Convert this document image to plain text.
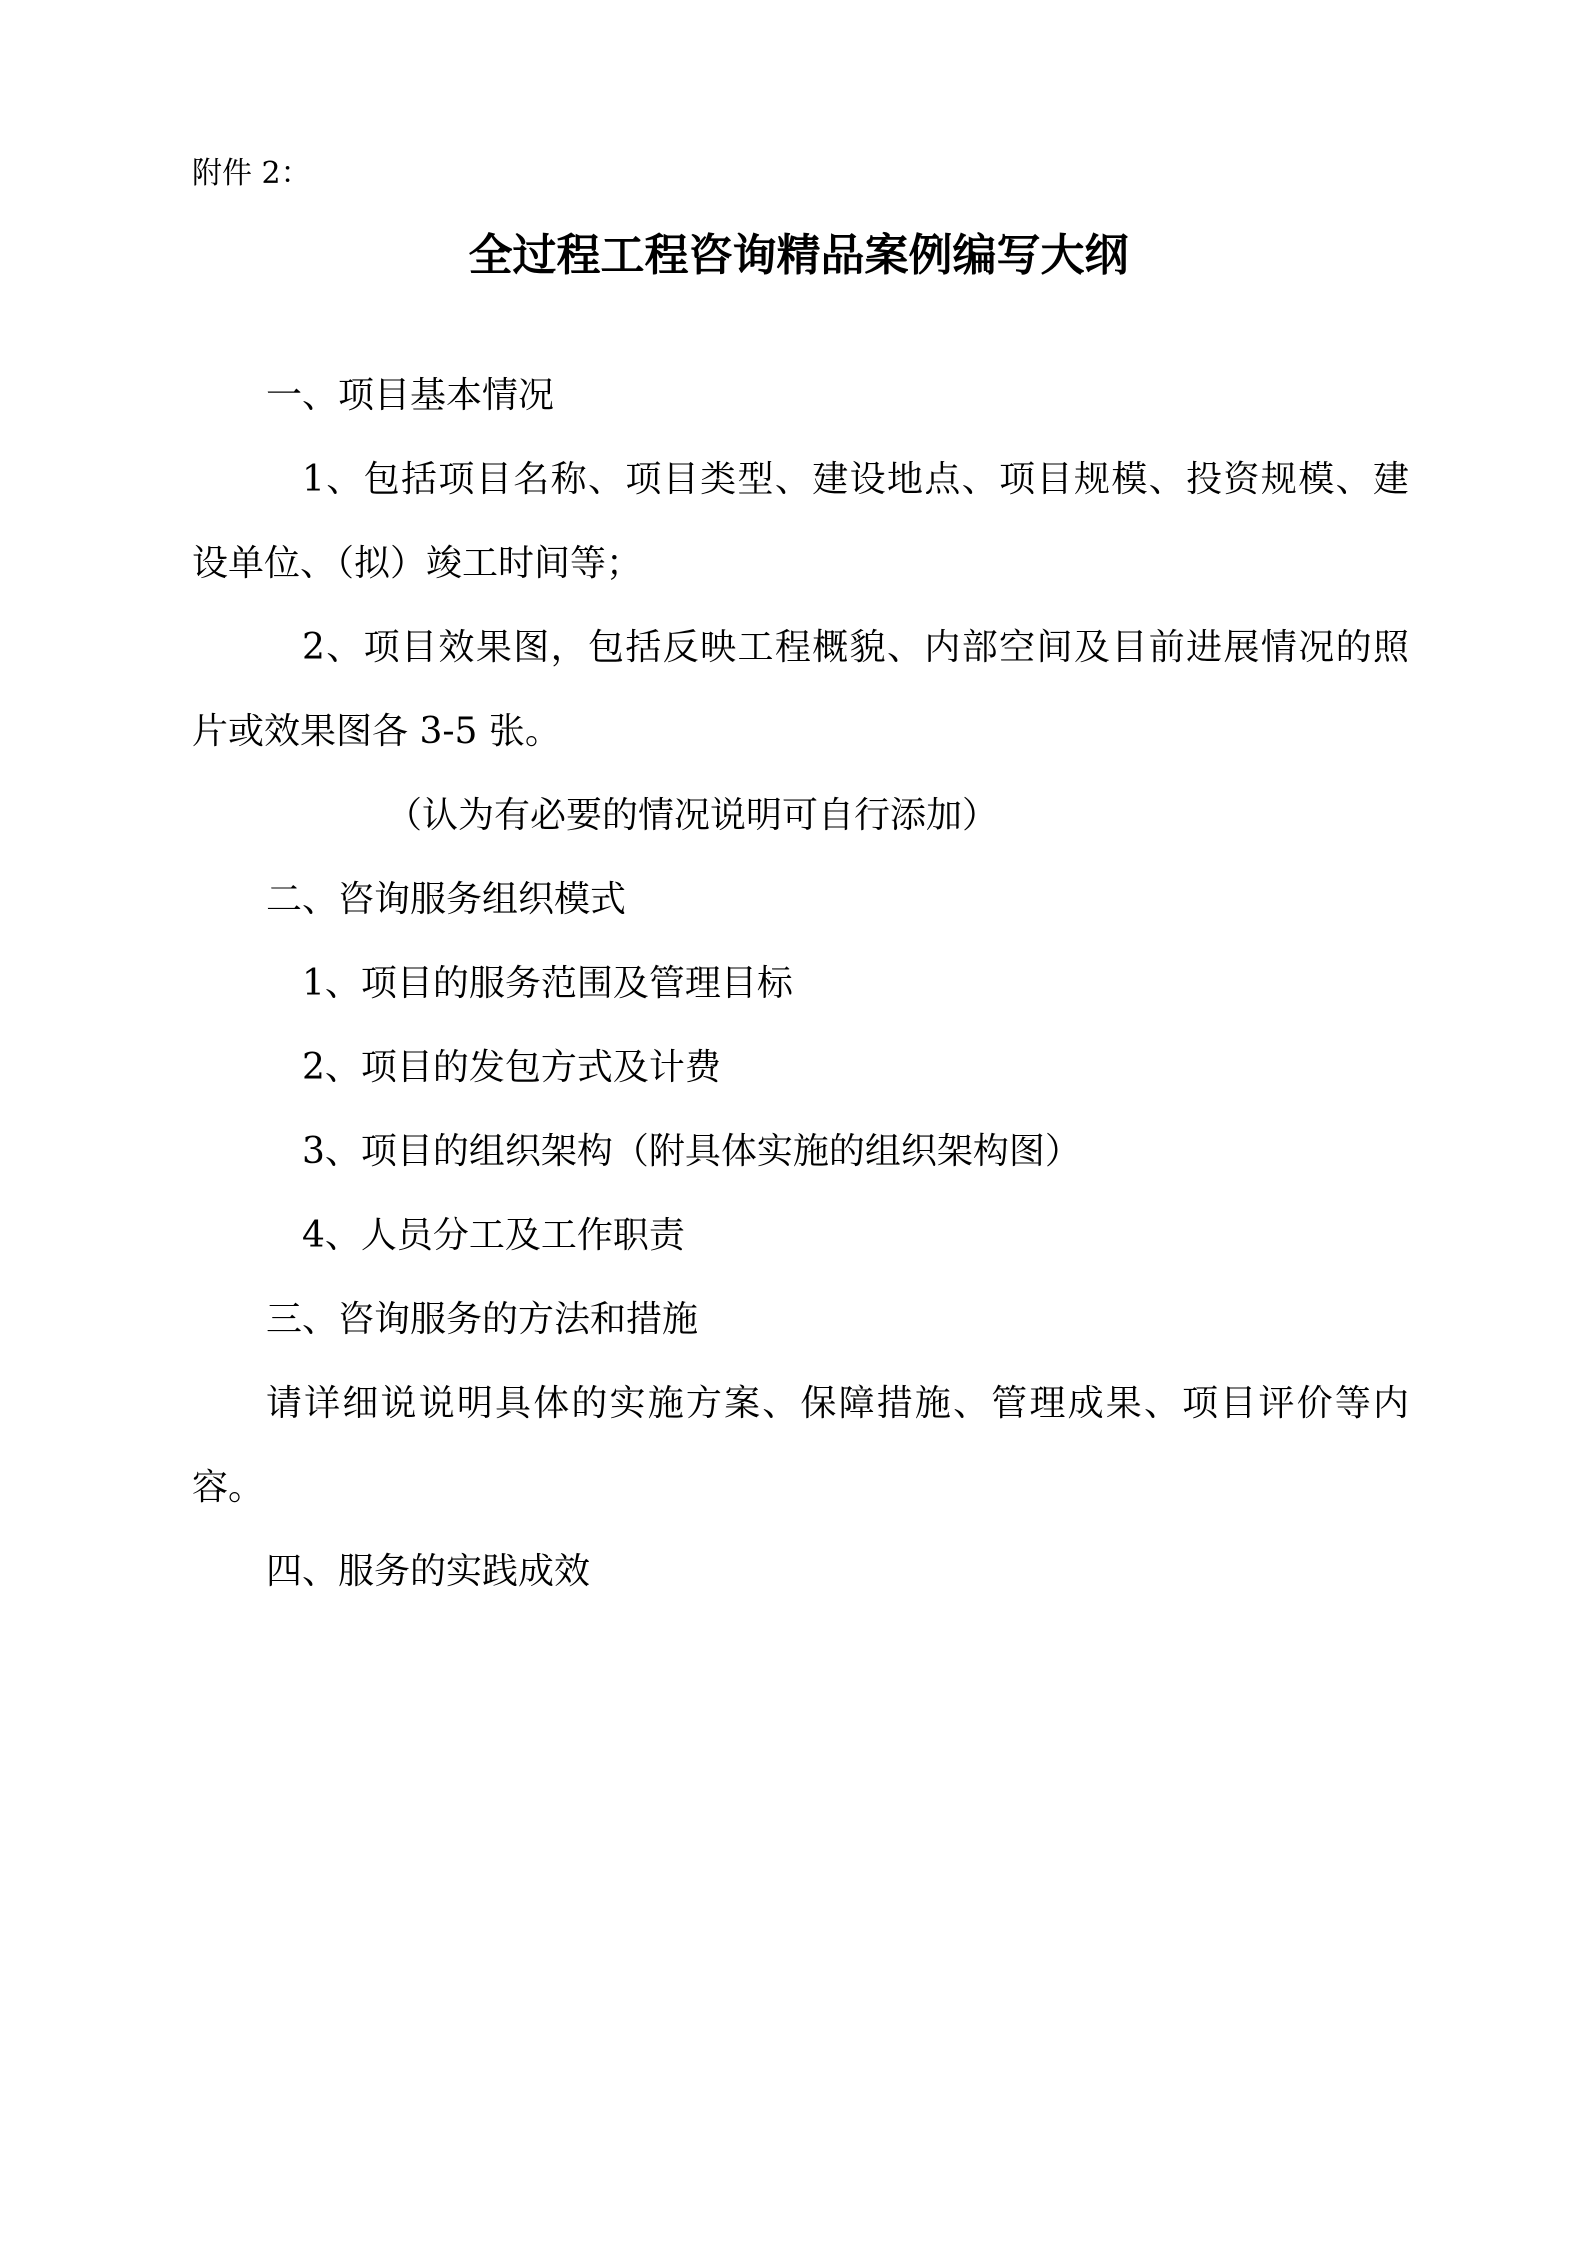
附件 2：
全过程工程咨询精品案例编写大纲
一、项目基本情况
1、包括项目名称、项目类型、建设地点、项目规模、投资规模、建
设单位、（拟）竣工时间等；
2、项目效果图，包括反映工程概貌、内部空间及目前进展情况的照
片或效果图各 3-5 张。
（认为有必要的情况说明可自行添加）
二、咨询服务组织模式
1、项目的服务范围及管理目标
2、项目的发包方式及计费
3、项目的组织架构（附具体实施的组织架构图）
4、人员分工及工作职责
三、咨询服务的方法和措施
请详细说说明具体的实施方案、保障措施、管理成果、项目评价等内
容。
四、服务的实践成效
